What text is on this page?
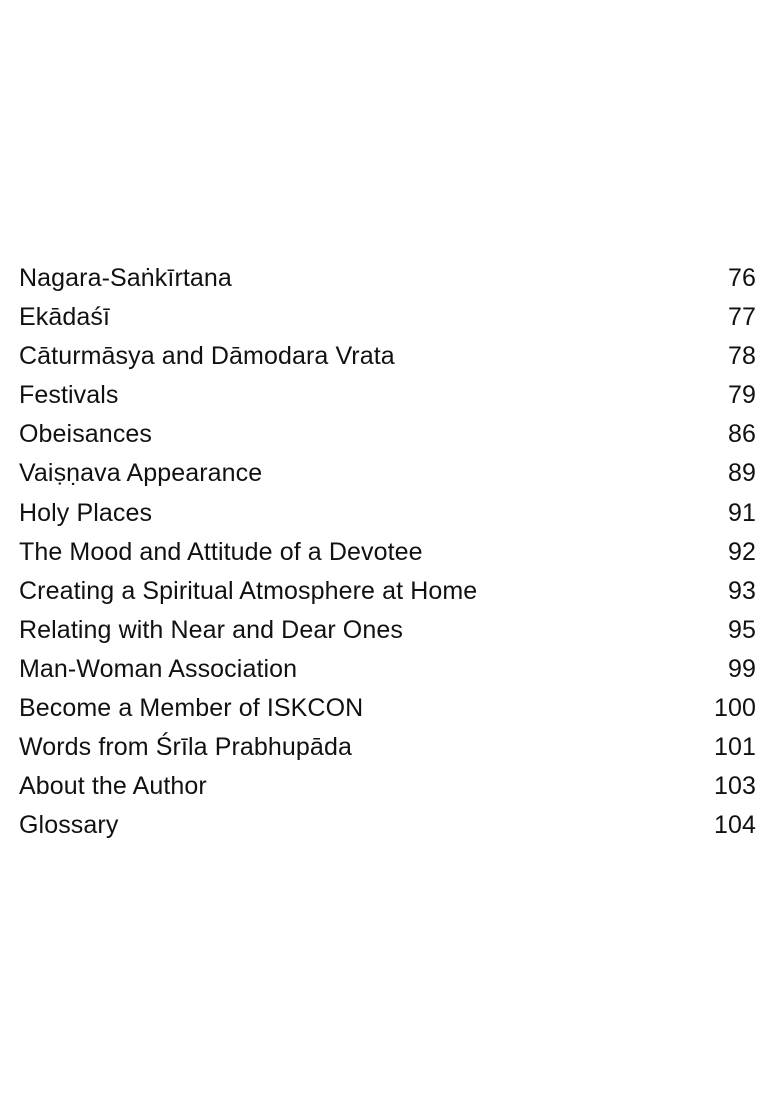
Nagara-Saṅkīrtana	76
Ekādaśī	77
Cāturmāsya and Dāmodara Vrata	78
Festivals	79
Obeisances	86
Vaiṣṇava Appearance	89
Holy Places	91
The Mood and Attitude of a Devotee	92
Creating a Spiritual Atmosphere at Home	93
Relating with Near and Dear Ones	95
Man-Woman Association	99
Become a Member of ISKCON	100
Words from Śrīla Prabhupāda	101
About the Author	103
Glossary	104
